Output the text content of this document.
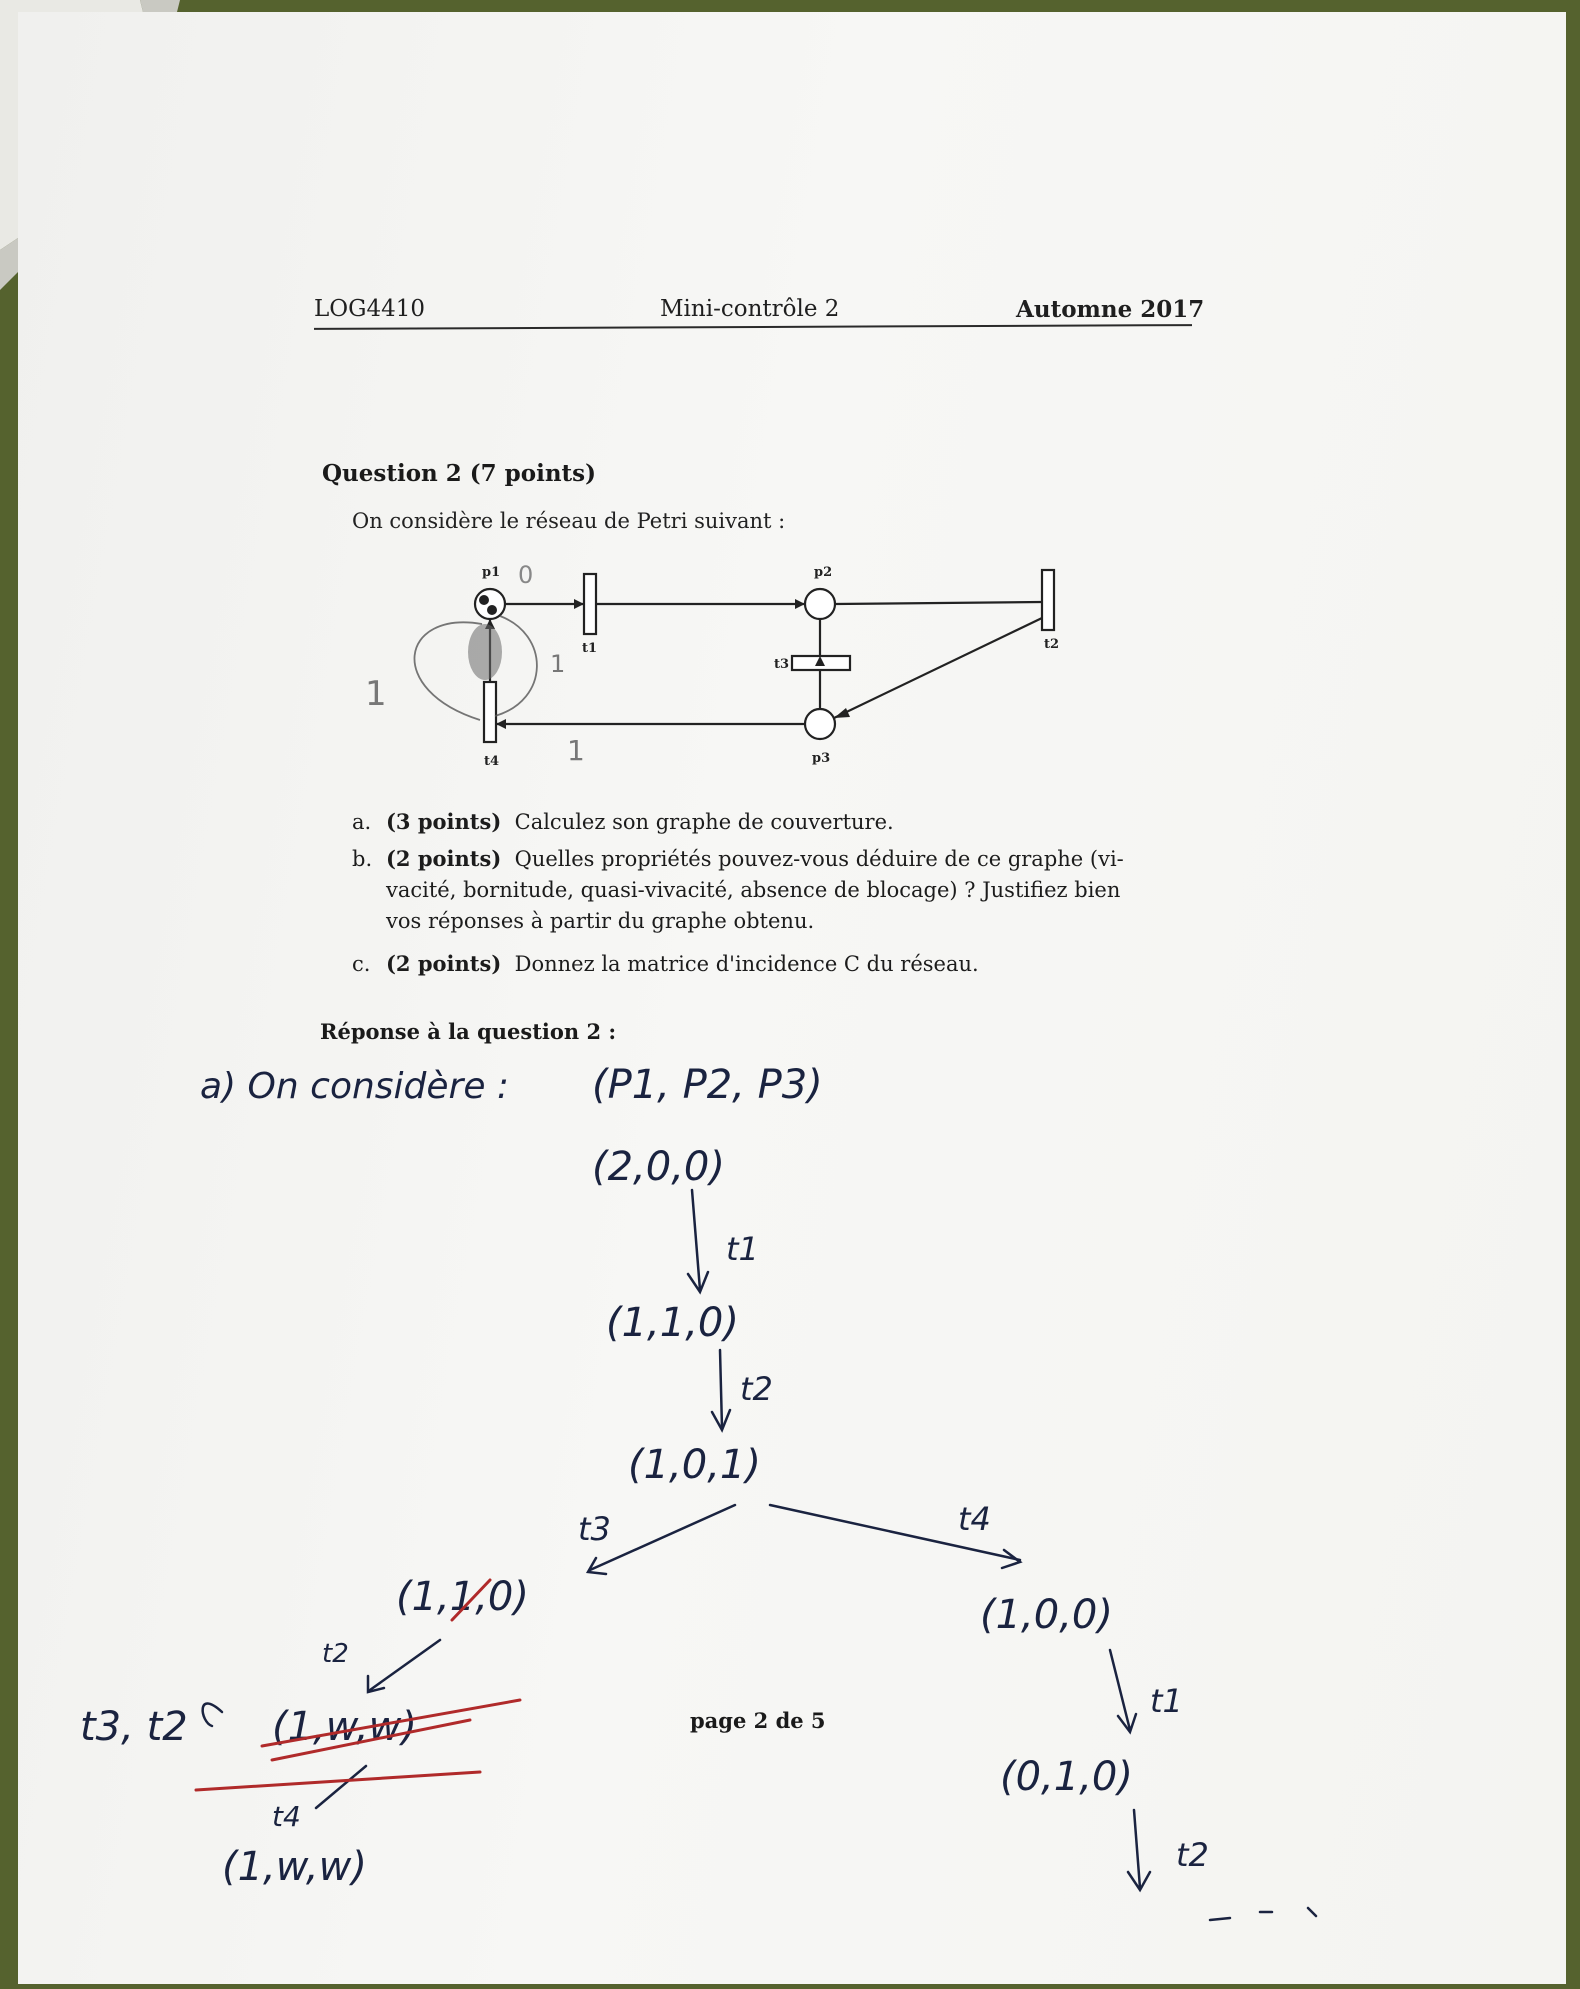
LOG4410	Mini-contrôle 2	Automne 2017
Question 2 (7 points)
On considère le réseau de Petri suivant :
p1	p2
p3
t1	t2
t3
t4
a. (3 points) Calculez son graphe de couverture.
b. (2 points) Quelles propriétés pouvez-vous déduire de ce graphe (vi-
vacité, bornitude, quasi-vivacité, absence de blocage) ? Justifiez bien
vos réponses à partir du graphe obtenu.
c. (2 points) Donnez la matrice d'incidence C du réseau.
Réponse à la question 2 :
page 2 de 5
0
1
1
1
a) On considère : (P1, P2, P3)
(2,0,0)
t1
(1,1,0)
t2
(1,0,1)
t3	t4
(1,1,0)	(1,0,0)
t2
t3, t2 (1,w,w)
t4
(1,w,w)
t1
(0,1,0)
t2
